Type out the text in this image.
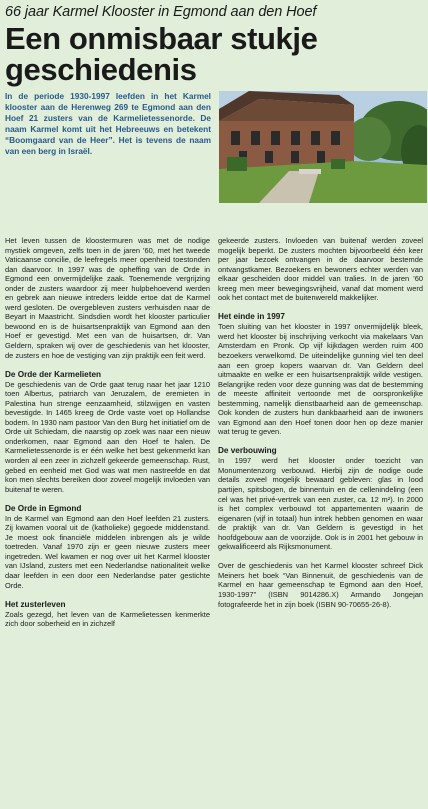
66 jaar Karmel Klooster in Egmond aan den Hoef
Een onmisbaar stukje
geschiedenis
In de periode 1930-1997 leefden in het Karmel klooster aan de Herenweg 269 te Egmond aan den Hoef 21 zusters van de Karmelietessenorde. De naam Karmel komt uit het Hebreeuws en betekent “Boomgaard van de Heer”. Het is tevens de naam van een berg in Israël.

Het leven tussen de kloostermuren was met de nodige mystiek omgeven, zelfs toen in de jaren ’60, met het tweede Vaticaanse concilie, de leefregels meer openheid toestonden dan daarvoor. In 1997 was de opheffing van de Orde in Egmond een onvermijdelijke zaak. Toenemende vergrijzing onder de zusters waardoor zij meer hulpbehoevend werden en gebrek aan nieuwe intreders leidde ertoe dat de Karmel werd gesloten. De overgebleven zusters verhuisden naar de Beyart in Maastricht. Sindsdien wordt het klooster particulier bewoond en is de huisartsenpraktijk van Egmond aan den Hoef er gevestigd. Met een van de huisartsen, dr. Van Geldern, spraken wij over de geschiedenis van het klooster, de zusters en hoe de vestiging van zijn praktijk een feit werd.

De Orde der Karmelieten

De geschiedenis van de Orde gaat terug naar het jaar 1210 toen Albertus, patriarch van Jeruzalem, de eremieten in Palestina hun strenge eenzaamheid, stilzwijgen en vasten bevestigde. In 1465 kreeg de Orde vaste voet op Hollandse bodem. In 1930 nam pastoor Van den Burg het initiatief om de Orde uit Schiedam, die naarstig op zoek was naar een nieuw onderkomen, naar Egmond aan den Hoef te halen. De Karmelietessenorde is er één welke het best gekenmerkt kan worden al een zeer in zichzelf gekeerde gemeenschap. Rust, gebed en eenheid met God was wat men nastreefde en dat kon men slechts bereiken door zoveel mogelijk invloeden van buitenaf te weren.

De Orde in Egmond

In de Karmel van Egmond aan den Hoef leefden 21 zusters. Zij kwamen vooral uit de (katholieke) gegoede middenstand. Je moest ook financiële middelen inbrengen als je wilde toetreden. Vanaf 1970 zijn er geen nieuwe zusters meer ingetreden. Wel kwamen er nog over uit het Karmel klooster van IJsland, zusters met een Nederlandse nationaliteit welke daar leefden in een door een Nederlandse pater gestichte Orde.

Het zusterleven

Zoals gezegd, het leven van de Karmelietessen kenmerkte zich door soberheid en in zichzelf

gekeerde zusters. Invloeden van buitenaf werden zoveel mogelijk beperkt. De zusters mochten bijvoorbeeld één keer per jaar bezoek ontvangen in de daarvoor bestemde ontvangstkamer. Bezoekers en bewoners echter werden van elkaar gescheiden door middel van tralies. In de jaren ’60 kreeg men meer bewegingsvrijheid, vanaf dat moment werd ook het contact met de buitenwereld makkelijker.

Het einde in 1997

Toen sluiting van het klooster in 1997 onvermijdelijk bleek, werd het klooster bij inschrijving verkocht via makelaars Van Amsterdam en Pronk. Op vijf kijkdagen werden ruim 400 bezoekers verwelkomd. De uiteindelijke gunning viel ten deel aan een groep kopers waarvan dr. Van Geldern deel uitmaakte en welke er een huisartsenpraktijk wilde vestigen. Belangrijke reden voor deze gunning was dat de bestemming de meeste affiniteit vertoonde met de oorspronkelijke bestemming, namelijk dienstbaarheid aan de gemeenschap. Ook konden de zusters hun dankbaarheid aan de inwoners van Egmond aan den Hoef tonen door hen op deze manier wat terug te geven.

De verbouwing

In 1997 werd het klooster onder toezicht van Monumentenzorg verbouwd. Hierbij zijn de nodige oude details zoveel mogelijk bewaard gebleven: glas in lood partijen, spitsbogen, de binnentuin en de cellenindeling (een cel was het privé-vertrek van een zuster, ca. 12 m²). In 2000 is het complex verbouwd tot appartementen waarin de eigenaren (vijf in totaal) hun intrek hebben genomen en waar de praktijk van dr. Van Geldern is gevestigd in het hoofdgebouw aan de voorzijde. Ook is in 2001 het gebouw in gekwalificeerd als Rijksmonument.

Over de geschiedenis van het Karmel klooster schreef Dick Meiners het boek “Van Binnenuit, de geschiedenis van de Karmel en haar gemeenschap te Egmond aan den Hoef, 1930-1997” (ISBN 9014286.X) Armando Jongejan fotografeerde het in zijn boek (ISBN 90-70655-26-8).
